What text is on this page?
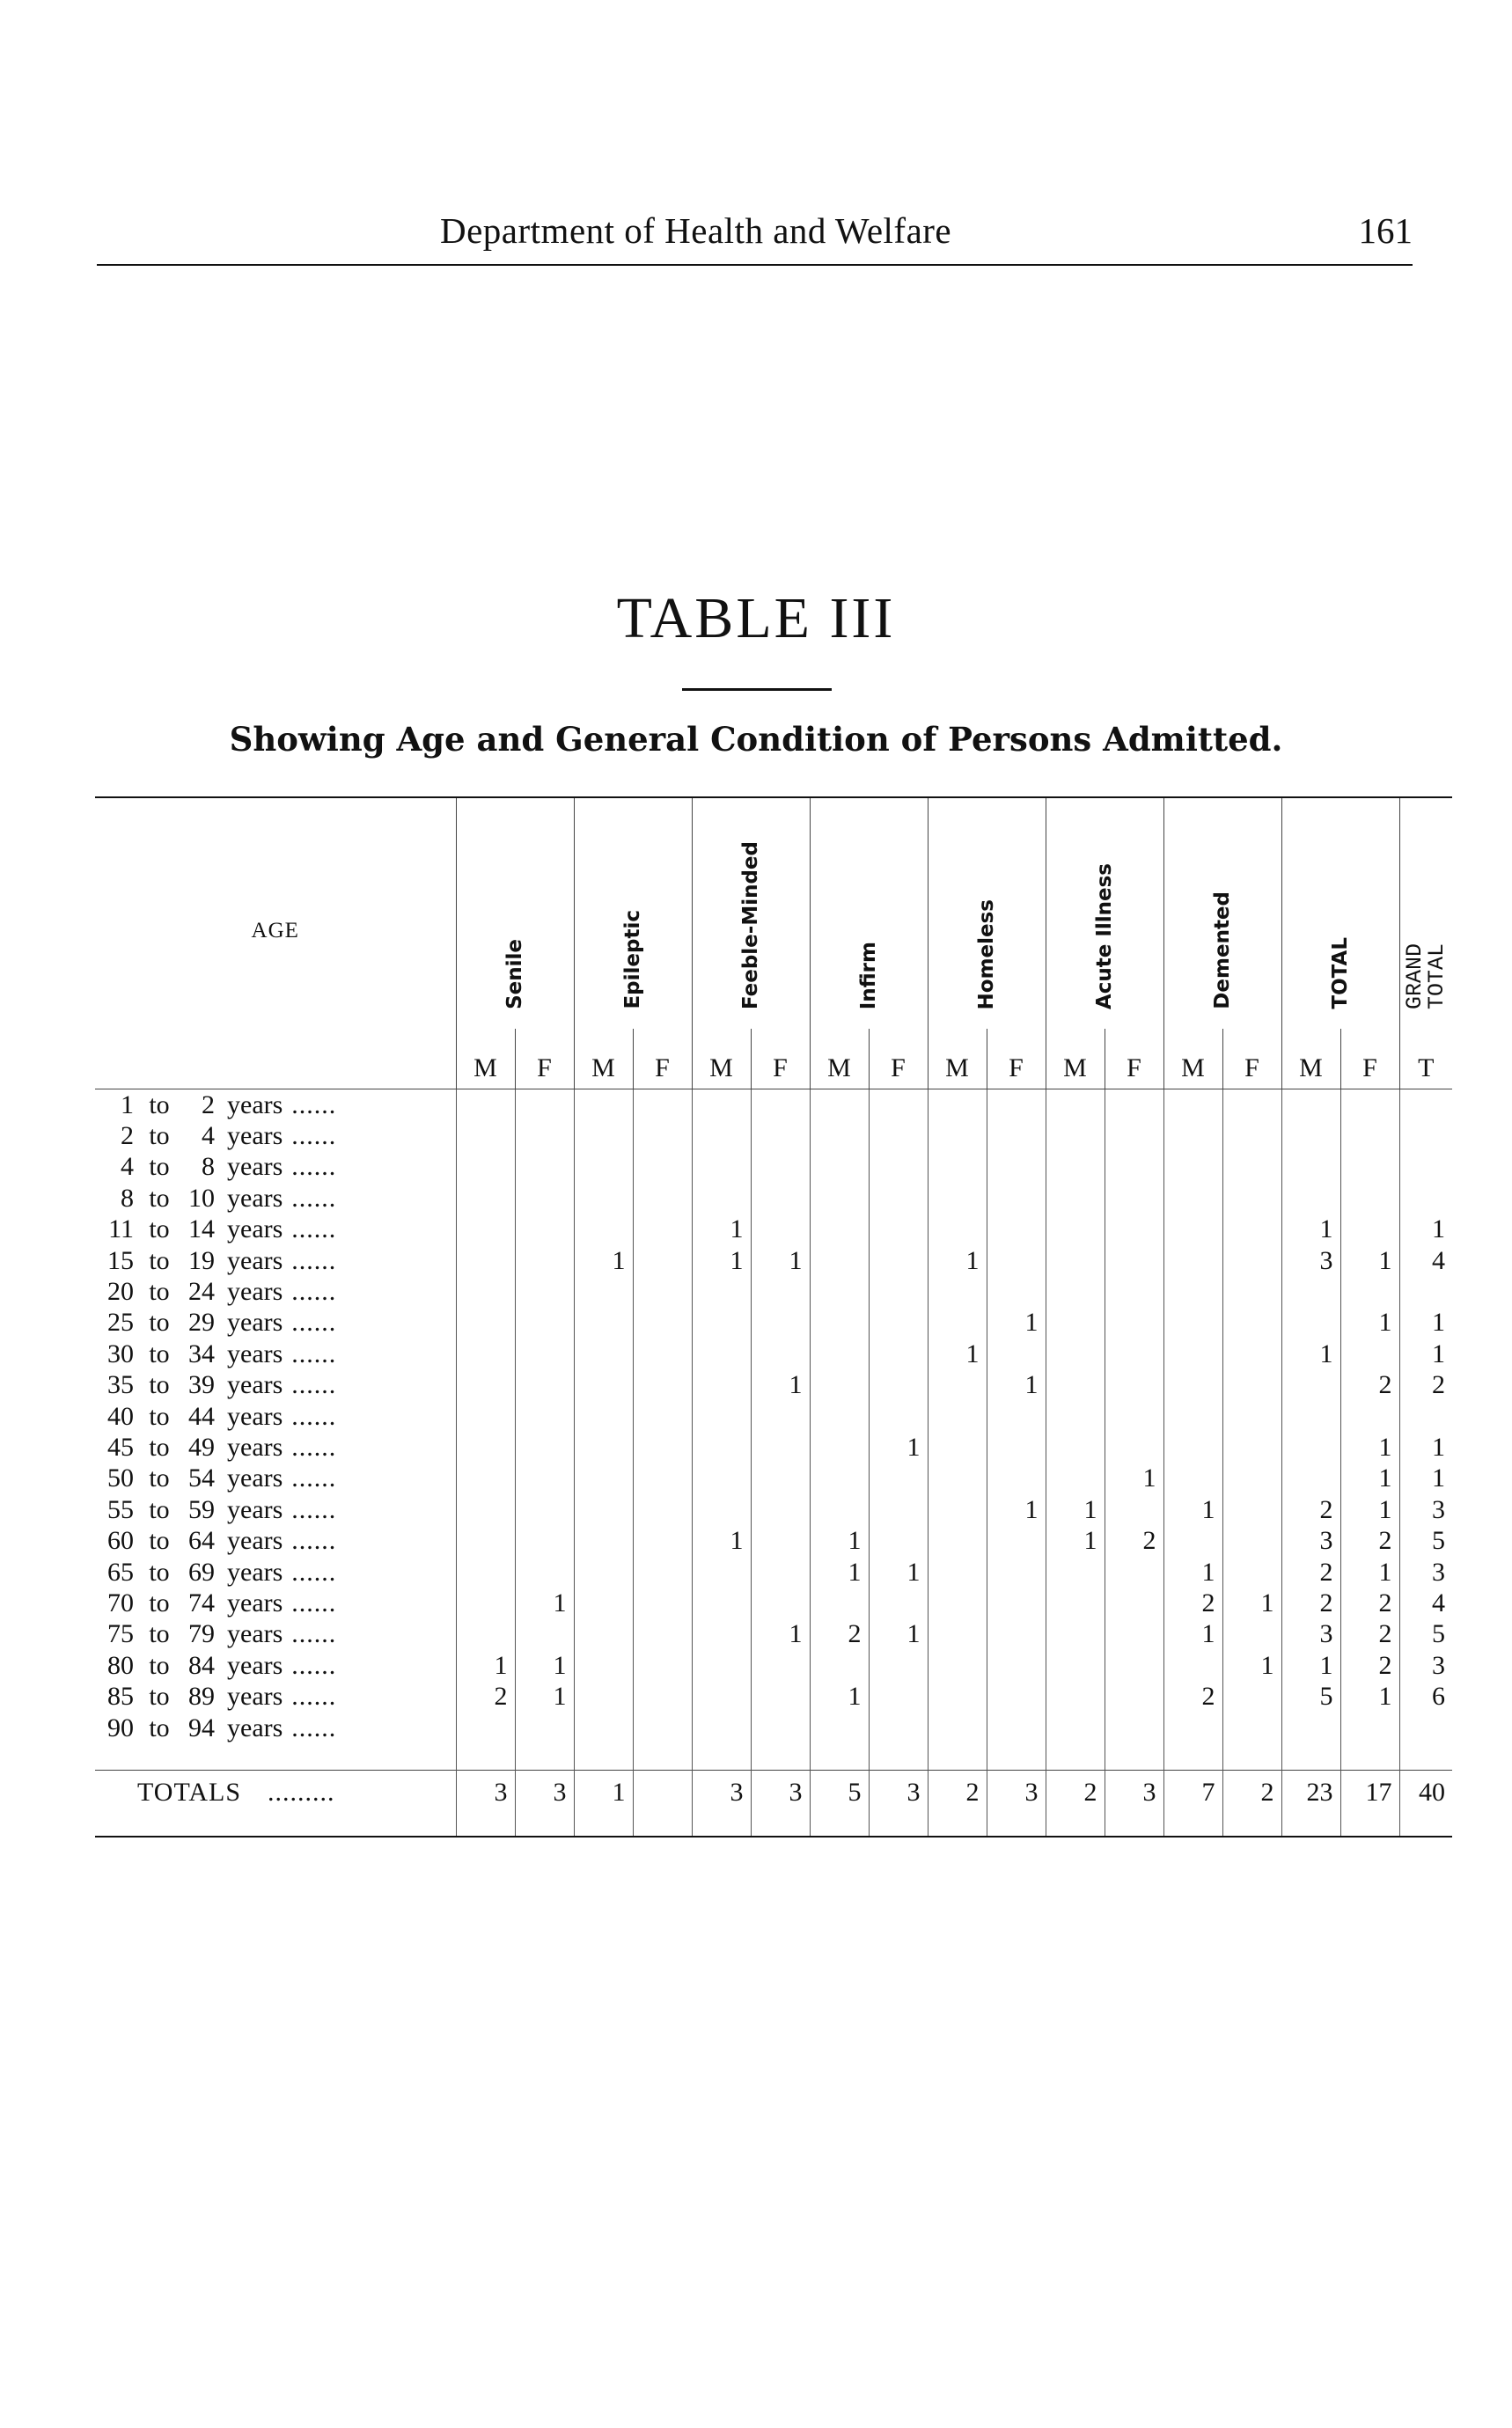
Department of Health and Welfare	161
TABLE III
Showing Age and General Condition of Persons Admitted.

AGE	Senile		Epileptic		Feeble-Minded		Infirm		Homeless		Acute Illness		Demented		TOTAL		GRAND
TOTAL

	M	F	M	F	M	F	M	F	M	F	M	F	M	F	M	F	T
1 to 2 years ......																	
2 to 4 years ......																	
4 to 8 years ......																	
8 to 10 years ......																	
11 to 14 years ......					1										1		1
15 to 19 years ......			1		1	1			1						3	1	4
20 to 24 years ......																	
25 to 29 years ......										1						1	1
30 to 34 years ......									1						1		1
35 to 39 years ......						1				1						2	2
40 to 44 years ......																	
45 to 49 years ......								1								1	1
50 to 54 years ......												1				1	1
55 to 59 years ......										1	1		1		2	1	3
60 to 64 years ......					1		1				1	2			3	2	5
65 to 69 years ......							1	1					1		2	1	3
70 to 74 years ......		1											2	1	2	2	4
75 to 79 years ......						1	2	1					1		3	2	5
80 to 84 years ......	1	1												1	1	2	3
85 to 89 years ......	2	1					1						2		5	1	6
90 to 94 years ......																	

TOTALS .........	3	3	1		3	3	5	3	2	3	2	3	7	2	23	17	40
